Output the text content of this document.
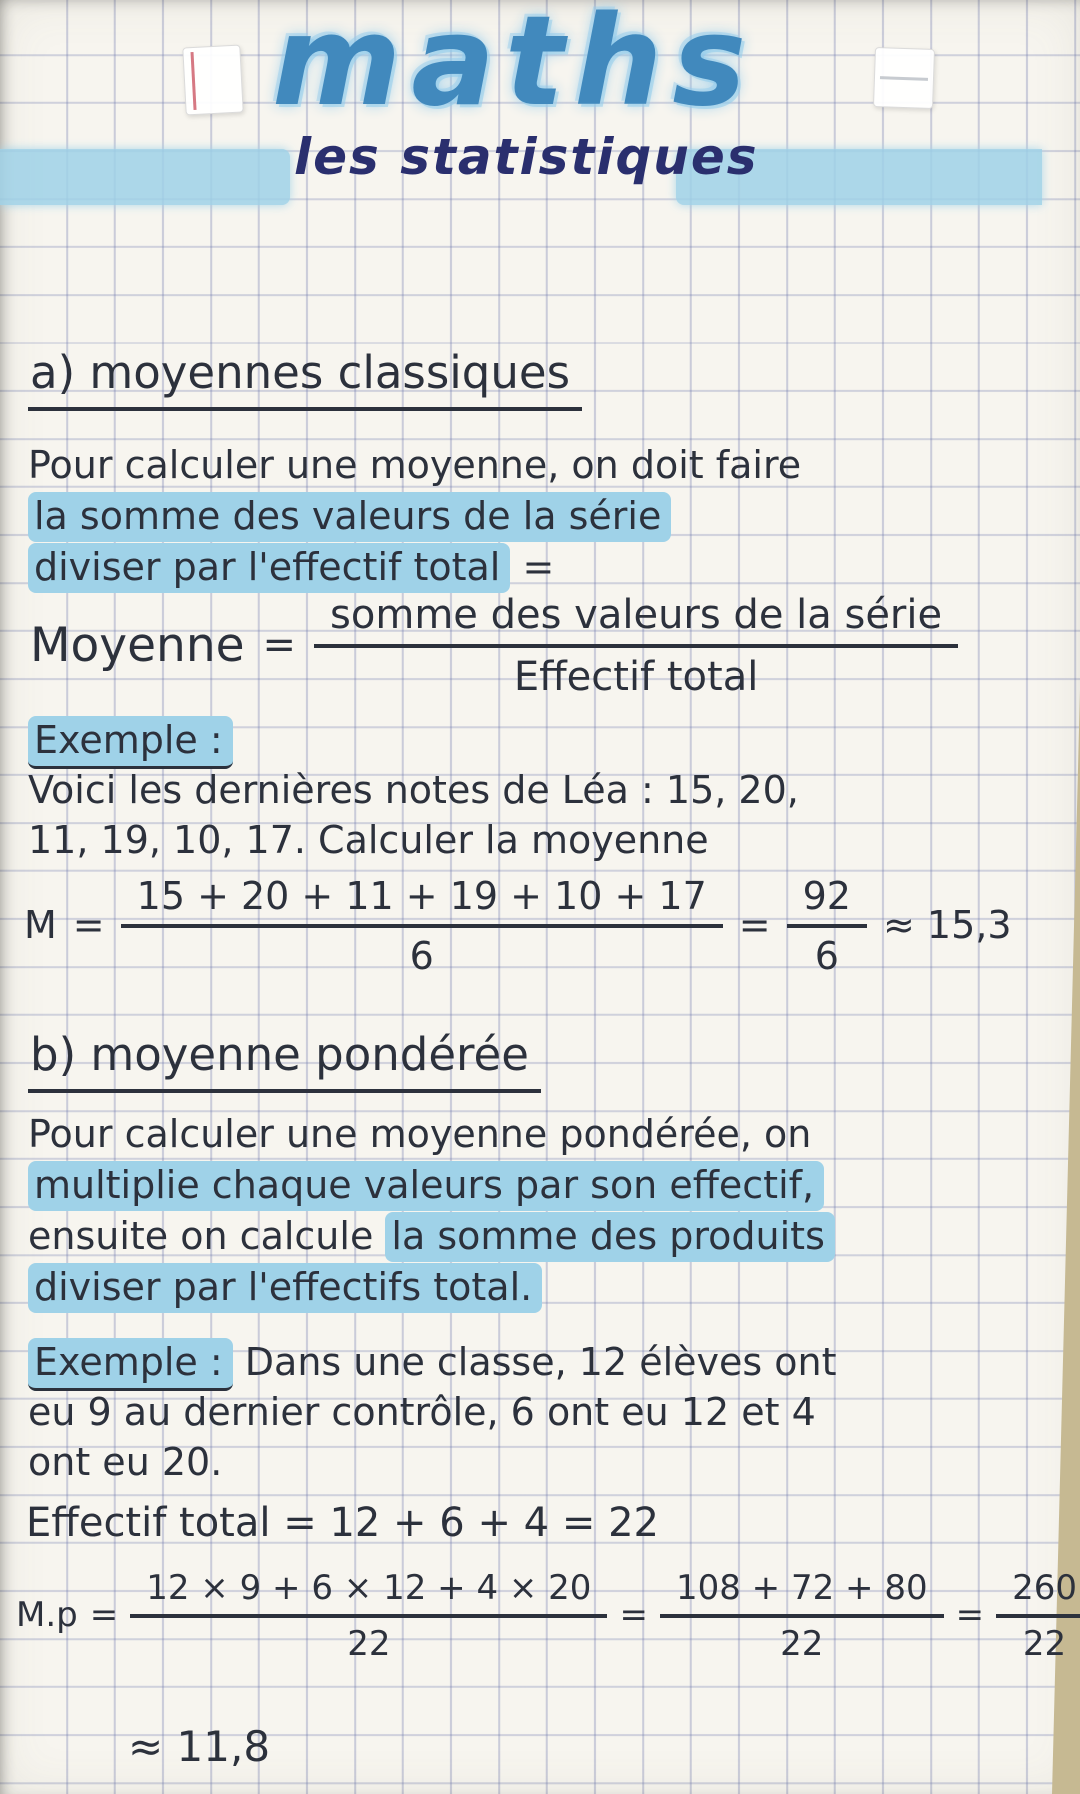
maths
les statistiques
a) moyennes classiques
Pour calculer une moyenne, on doit faire
la somme des valeurs de la série
diviser par l'effectif total =
Moyenne = $\frac{\text{somme des valeurs de la série}}{\text{Effectif total}}$
Exemple :
Voici les dernières notes de Léa : 15, 20,
11, 19, 10, 17. Calculer la moyenne
$M = \frac{15 + 20 + 11 + 19 + 10 + 17}{6} = \frac{92}{6} \approx 15,3$
b) moyenne pondérée
Pour calculer une moyenne pondérée, on
multiplie chaque valeurs par son effectif,
ensuite on calcule la somme des produits
diviser par l'effectifs total.
Exemple : Dans une classe, 12 élèves ont
eu 9 au dernier contrôle, 6 ont eu 12 et 4
ont eu 20.
Effectif total = 12 + 6 + 4 = 22
$M.p = \frac{12 \times 9 + 6 \times 12 + 4 \times 20}{22} = \frac{108 + 72 + 80}{22} = \frac{260}{22}$
≈ 11,8
